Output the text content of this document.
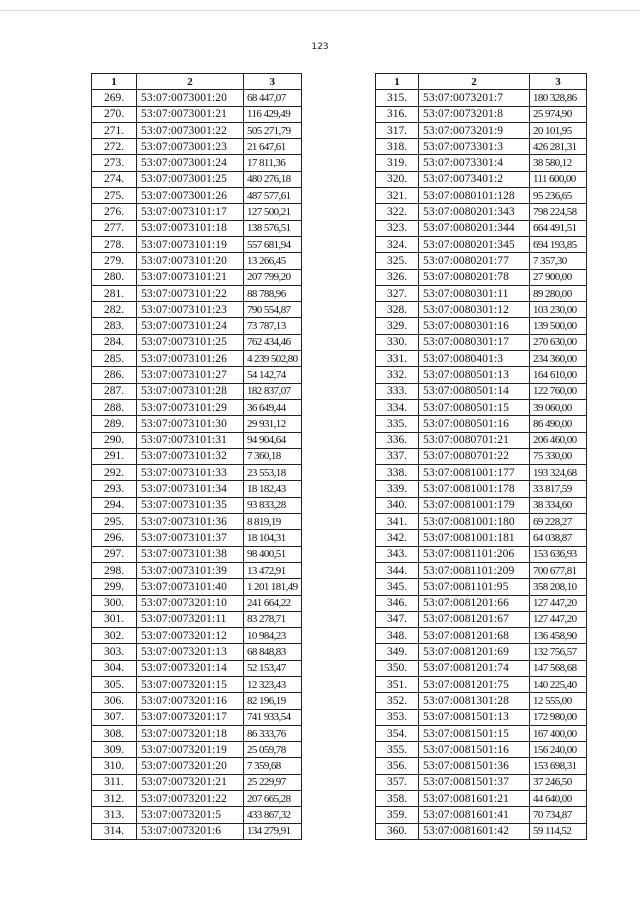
123
1	2	3
269.	53:07:0073001:20	68 447,07
270.	53:07:0073001:21	116 429,49
271.	53:07:0073001:22	505 271,79
272.	53:07:0073001:23	21 647,61
273.	53:07:0073001:24	17 811,36
274.	53:07:0073001:25	480 276,18
275.	53:07:0073001:26	487 577,61
276.	53:07:0073101:17	127 500,21
277.	53:07:0073101:18	138 576,51
278.	53:07:0073101:19	557 681,94
279.	53:07:0073101:20	13 266,45
280.	53:07:0073101:21	207 799,20
281.	53:07:0073101:22	88 788,96
282.	53:07:0073101:23	790 554,87
283.	53:07:0073101:24	73 787,13
284.	53:07:0073101:25	762 434,46
285.	53:07:0073101:26	4 239 502,80
286.	53:07:0073101:27	54 142,74
287.	53:07:0073101:28	182 837,07
288.	53:07:0073101:29	36 649,44
289.	53:07:0073101:30	29 931,12
290.	53:07:0073101:31	94 904,64
291.	53:07:0073101:32	7 360,18
292.	53:07:0073101:33	23 553,18
293.	53:07:0073101:34	18 182,43
294.	53:07:0073101:35	93 833,28
295.	53:07:0073101:36	8 819,19
296.	53:07:0073101:37	18 104,31
297.	53:07:0073101:38	98 400,51
298.	53:07:0073101:39	13 472,91
299.	53:07:0073101:40	1 201 181,49
300.	53:07:0073201:10	241 664,22
301.	53:07:0073201:11	83 278,71
302.	53:07:0073201:12	10 984,23
303.	53:07:0073201:13	68 848,83
304.	53:07:0073201:14	52 153,47
305.	53:07:0073201:15	12 323,43
306.	53:07:0073201:16	82 196,19
307.	53:07:0073201:17	741 933,54
308.	53:07:0073201:18	86 333,76
309.	53:07:0073201:19	25 059,78
310.	53:07:0073201:20	7 359,68
311.	53:07:0073201:21	25 229,97
312.	53:07:0073201:22	207 665,28
313.	53:07:0073201:5	433 867,32
314.	53:07:0073201:6	134 279,91
1	2	3
315.	53:07:0073201:7	180 328,86
316.	53:07:0073201:8	25 974,90
317.	53:07:0073201:9	20 101,95
318.	53:07:0073301:3	426 281,31
319.	53:07:0073301:4	38 580,12
320.	53:07:0073401:2	111 600,00
321.	53:07:0080101:128	95 236,65
322.	53:07:0080201:343	798 224,58
323.	53:07:0080201:344	664 491,51
324.	53:07:0080201:345	694 193,85
325.	53:07:0080201:77	7 357,30
326.	53:07:0080201:78	27 900,00
327.	53:07:0080301:11	89 280,00
328.	53:07:0080301:12	103 230,00
329.	53:07:0080301:16	139 500,00
330.	53:07:0080301:17	270 630,00
331.	53:07:0080401:3	234 360,00
332.	53:07:0080501:13	164 610,00
333.	53:07:0080501:14	122 760,00
334.	53:07:0080501:15	39 060,00
335.	53:07:0080501:16	86 490,00
336.	53:07:0080701:21	206 460,00
337.	53:07:0080701:22	75 330,00
338.	53:07:0081001:177	193 324,68
339.	53:07:0081001:178	33 817,59
340.	53:07:0081001:179	38 334,60
341.	53:07:0081001:180	69 228,27
342.	53:07:0081001:181	64 038,87
343.	53:07:0081101:206	153 636,93
344.	53:07:0081101:209	700 677,81
345.	53:07:0081101:95	358 208,10
346.	53:07:0081201:66	127 447,20
347.	53:07:0081201:67	127 447,20
348.	53:07:0081201:68	136 458,90
349.	53:07:0081201:69	132 756,57
350.	53:07:0081201:74	147 568,68
351.	53:07:0081201:75	140 225,40
352.	53:07:0081301:28	12 555,00
353.	53:07:0081501:13	172 980,00
354.	53:07:0081501:15	167 400,00
355.	53:07:0081501:16	156 240,00
356.	53:07:0081501:36	153 698,31
357.	53:07:0081501:37	37 246,50
358.	53:07:0081601:21	44 640,00
359.	53:07:0081601:41	70 734,87
360.	53:07:0081601:42	59 114,52
